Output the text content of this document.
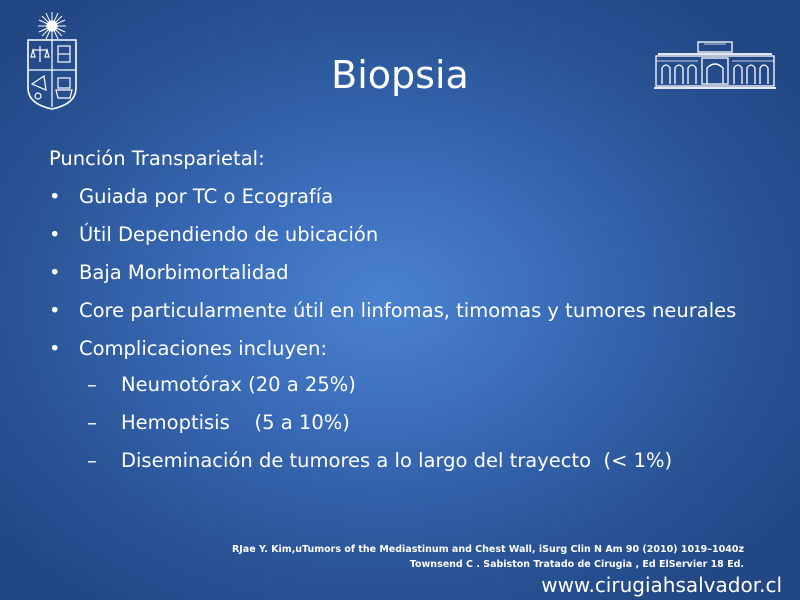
Biopsia
Punción Transparietal:
• Guiada por TC o Ecografía
• Útil Dependiendo de ubicación
• Baja Morbimortalidad
• Core particularmente útil en linfomas, timomas y tumores neurales
• Complicaciones incluyen:
– Neumotórax (20 a 25%)
– Hemoptisis    (5 a 10%)
– Diseminación de tumores a lo largo del trayecto  (< 1%)
RJae Y. Kim,uTumors of the Mediastinum and Chest Wall, iSurg Clin N Am 90 (2010) 1019–1040z
Townsend C . Sabiston Tratado de Cirugia , Ed ElServier 18 Ed.
www.cirugiahsalvador.cl
